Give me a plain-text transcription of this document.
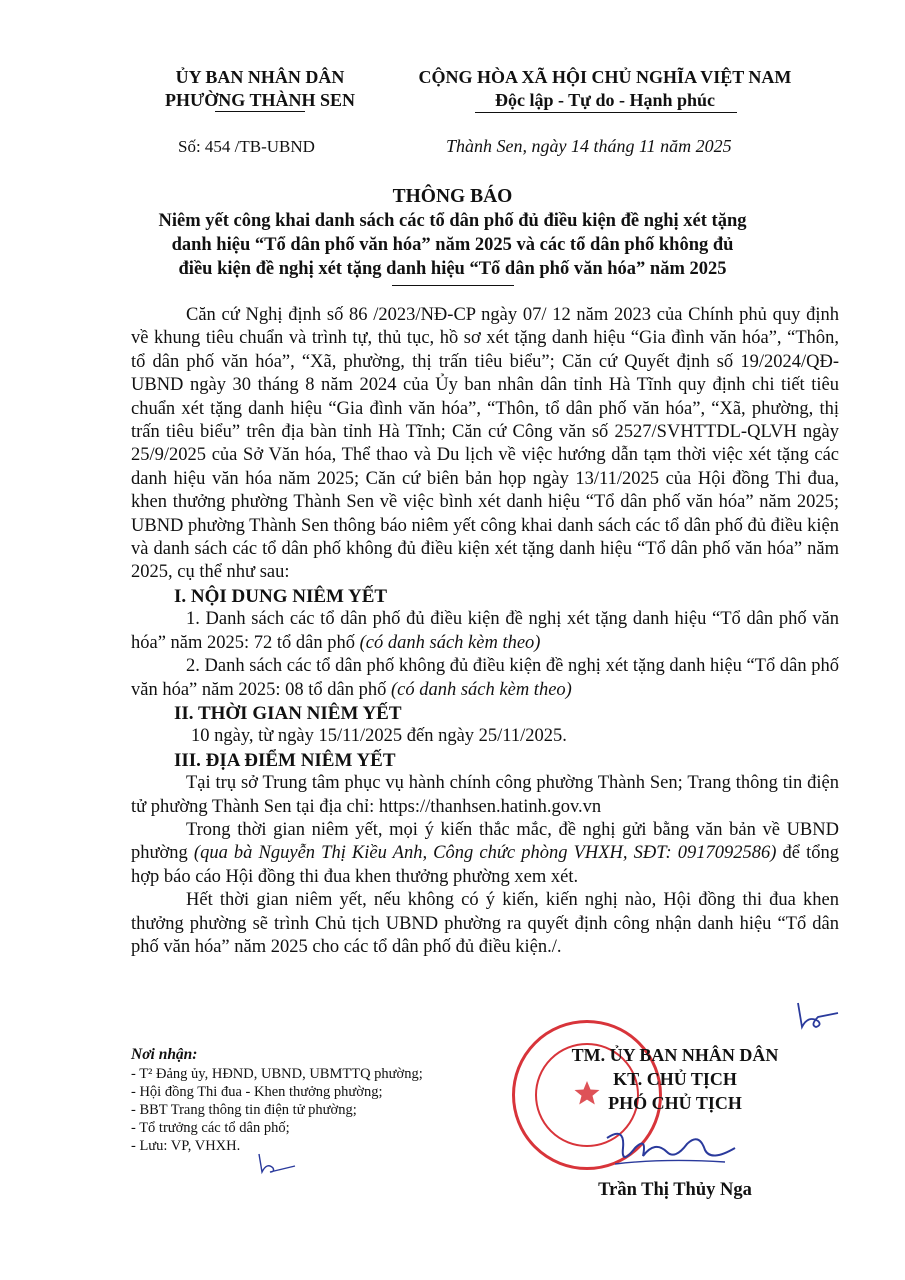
ỦY BAN NHÂN DÂN
PHƯỜNG THÀNH SEN
Số: 454 /TB-UBND
CỘNG HÒA XÃ HỘI CHỦ NGHĨA VIỆT NAM
Độc lập - Tự do - Hạnh phúc
Thành Sen, ngày 14 tháng 11 năm 2025
THÔNG BÁO
Niêm yết công khai danh sách các tổ dân phố đủ điều kiện đề nghị xét tặng
danh hiệu “Tổ dân phố văn hóa” năm 2025 và các tổ dân phố không đủ
điều kiện đề nghị xét tặng danh hiệu “Tổ dân phố văn hóa” năm 2025

Căn cứ Nghị định số 86 /2023/NĐ-CP ngày 07/ 12 năm 2023 của Chính phủ quy định về khung tiêu chuẩn và trình tự, thủ tục, hồ sơ xét tặng danh hiệu “Gia đình văn hóa”, “Thôn, tổ dân phố văn hóa”, “Xã, phường, thị trấn tiêu biểu”; Căn cứ Quyết định số 19/2024/QĐ-UBND ngày 30 tháng 8 năm 2024 của Ủy ban nhân dân tỉnh Hà Tĩnh quy định chi tiết tiêu chuẩn xét tặng danh hiệu “Gia đình văn hóa”, “Thôn, tổ dân phố văn hóa”, “Xã, phường, thị trấn tiêu biểu” trên địa bàn tỉnh Hà Tĩnh; Căn cứ Công văn số 2527/SVHTTDL-QLVH ngày 25/9/2025 của Sở Văn hóa, Thể thao và Du lịch về việc hướng dẫn tạm thời việc xét tặng các danh hiệu văn hóa năm 2025; Căn cứ biên bản họp ngày 13/11/2025 của Hội đồng Thi đua, khen thưởng phường Thành Sen về việc bình xét danh hiệu “Tổ dân phố văn hóa” năm 2025; UBND phường Thành Sen thông báo niêm yết công khai danh sách các tổ dân phố đủ điều kiện và danh sách các tổ dân phố không đủ điều kiện xét tặng danh hiệu “Tổ dân phố văn hóa” năm 2025, cụ thể như sau:

I. NỘI DUNG NIÊM YẾT

1. Danh sách các tổ dân phố đủ điều kiện đề nghị xét tặng danh hiệu “Tổ dân phố văn hóa” năm 2025: 72 tổ dân phố (có danh sách kèm theo)

2. Danh sách các tổ dân phố không đủ điều kiện đề nghị xét tặng danh hiệu “Tổ dân phố văn hóa” năm 2025: 08 tổ dân phố (có danh sách kèm theo)

II. THỜI GIAN NIÊM YẾT

10 ngày, từ ngày 15/11/2025 đến ngày 25/11/2025.

III. ĐỊA ĐIỂM NIÊM YẾT

Tại trụ sở Trung tâm phục vụ hành chính công phường Thành Sen; Trang thông tin điện tử phường Thành Sen tại địa chỉ: https://thanhsen.hatinh.gov.vn

Trong thời gian niêm yết, mọi ý kiến thắc mắc, đề nghị gửi bằng văn bản về UBND phường (qua bà Nguyễn Thị Kiều Anh, Công chức phòng VHXH, SĐT: 0917092586) để tổng hợp báo cáo Hội đồng thi đua khen thưởng phường xem xét.

Hết thời gian niêm yết, nếu không có ý kiến, kiến nghị nào, Hội đồng thi đua khen thưởng phường sẽ trình Chủ tịch UBND phường ra quyết định công nhận danh hiệu “Tổ dân phố văn hóa” năm 2025 cho các tổ dân phố đủ điều kiện./.

Nơi nhận:
- T² Đảng ủy, HĐND, UBND, UBMTTQ phường;
- Hội đồng Thi đua - Khen thưởng phường;
- BBT Trang thông tin điện tử phường;
- Tổ trưởng các tổ dân phố;
- Lưu: VP, VHXH.
TM. ỦY BAN NHÂN DÂN
KT. CHỦ TỊCH
PHÓ CHỦ TỊCH
Trần Thị Thủy Nga
